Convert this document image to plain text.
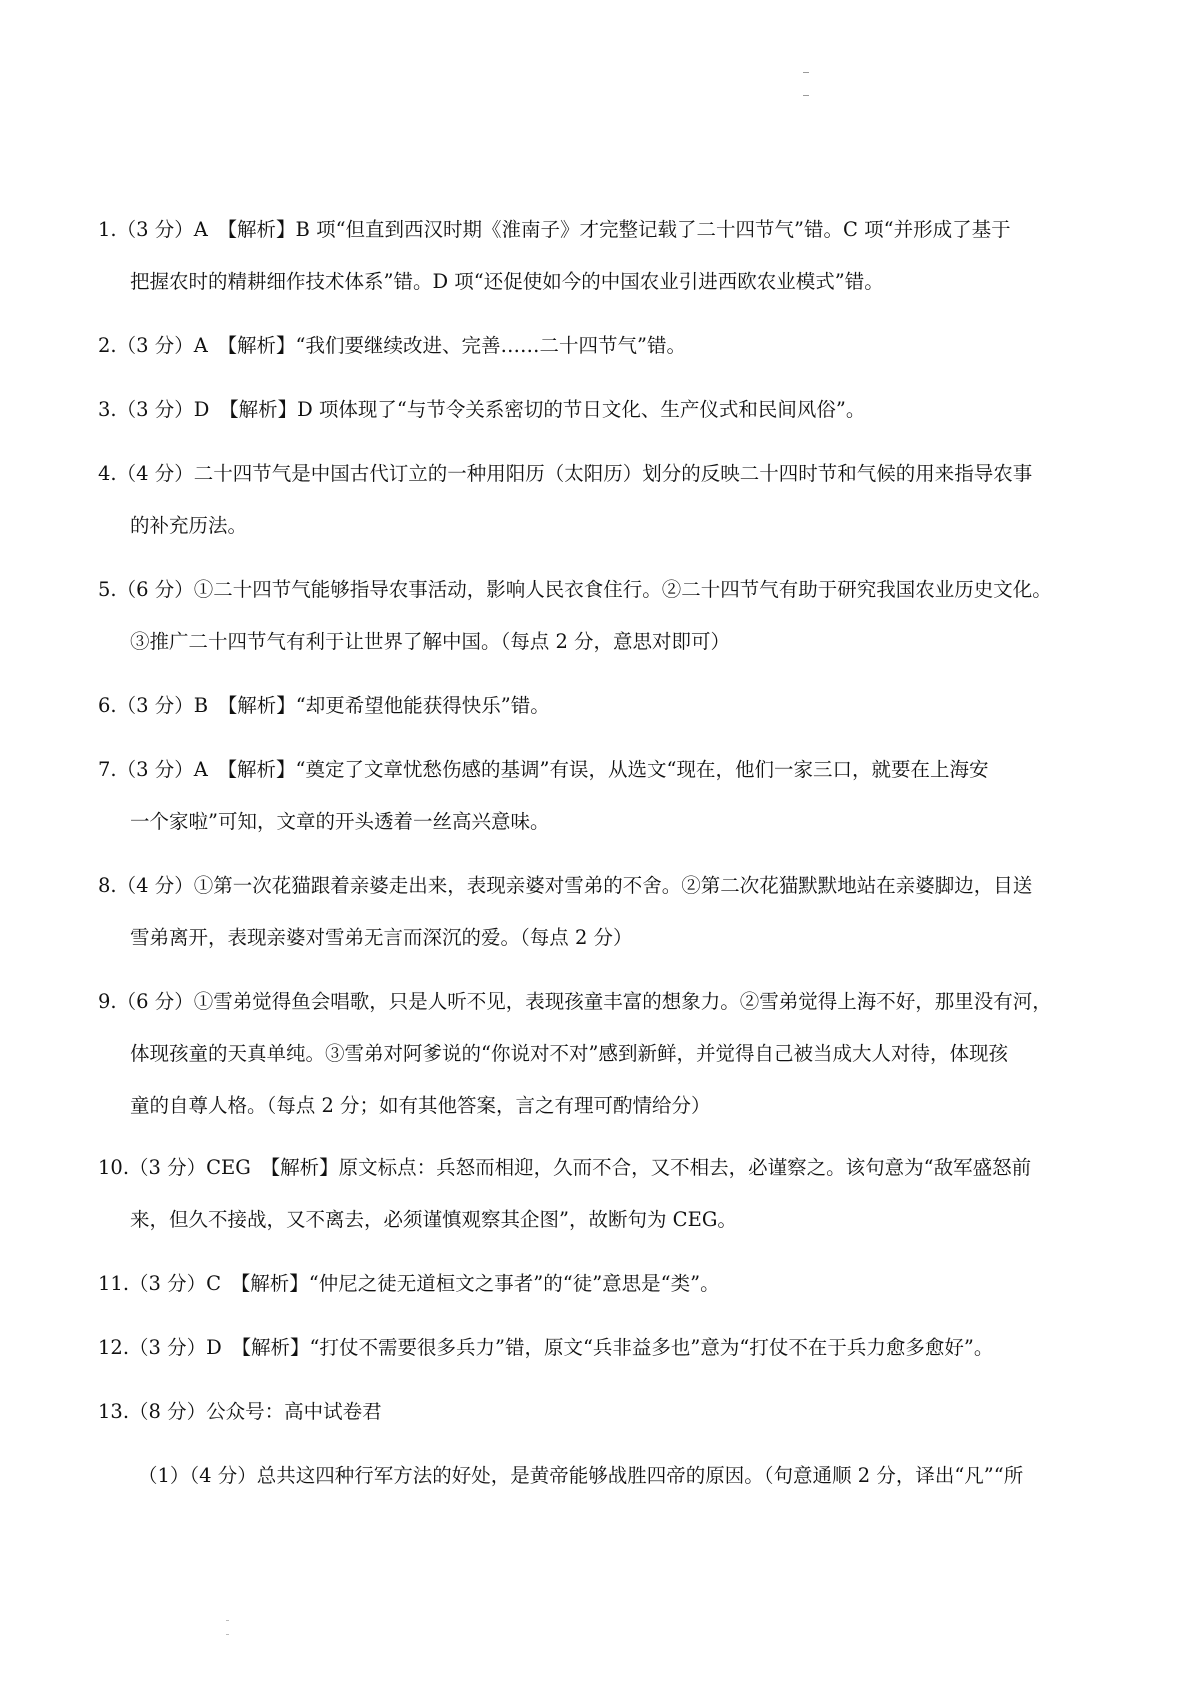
1.（3 分）A　【解析】B 项“但直到西汉时期《淮南子》才完整记载了二十四节气”错。C 项“并形成了基于
把握农时的精耕细作技术体系”错。D 项“还促使如今的中国农业引进西欧农业模式”错。
2.（3 分）A　【解析】“我们要继续改进、完善……二十四节气”错。
3.（3 分）D　【解析】D 项体现了“与节令关系密切的节日文化、生产仪式和民间风俗”。
4.（4 分）二十四节气是中国古代订立的一种用阳历（太阳历）划分的反映二十四时节和气候的用来指导农事
的补充历法。
5.（6 分）①二十四节气能够指导农事活动，影响人民衣食住行。②二十四节气有助于研究我国农业历史文化。
③推广二十四节气有利于让世界了解中国。（每点 2 分，意思对即可）
6.（3 分）B　【解析】“却更希望他能获得快乐”错。
7.（3 分）A　【解析】“奠定了文章忧愁伤感的基调”有误，从选文“现在，他们一家三口，就要在上海安
一个家啦”可知，文章的开头透着一丝高兴意味。
8.（4 分）①第一次花猫跟着亲婆走出来，表现亲婆对雪弟的不舍。②第二次花猫默默地站在亲婆脚边，目送
雪弟离开，表现亲婆对雪弟无言而深沉的爱。（每点 2 分）
9.（6 分）①雪弟觉得鱼会唱歌，只是人听不见，表现孩童丰富的想象力。②雪弟觉得上海不好，那里没有河，
体现孩童的天真单纯。③雪弟对阿爹说的“你说对不对”感到新鲜，并觉得自己被当成大人对待，体现孩
童的自尊人格。（每点 2 分；如有其他答案，言之有理可酌情给分）
10.（3 分）CEG　【解析】原文标点：兵怒而相迎，久而不合，又不相去，必谨察之。该句意为“敌军盛怒前
来，但久不接战，又不离去，必须谨慎观察其企图”，故断句为 CEG。
11.（3 分）C　【解析】“仲尼之徒无道桓文之事者”的“徒”意思是“类”。
12.（3 分）D　【解析】“打仗不需要很多兵力”错，原文“兵非益多也”意为“打仗不在于兵力愈多愈好”。
13.（8 分）公众号：高中试卷君
（1）（4 分）总共这四种行军方法的好处，是黄帝能够战胜四帝的原因。（句意通顺 2 分，译出“凡”“所
